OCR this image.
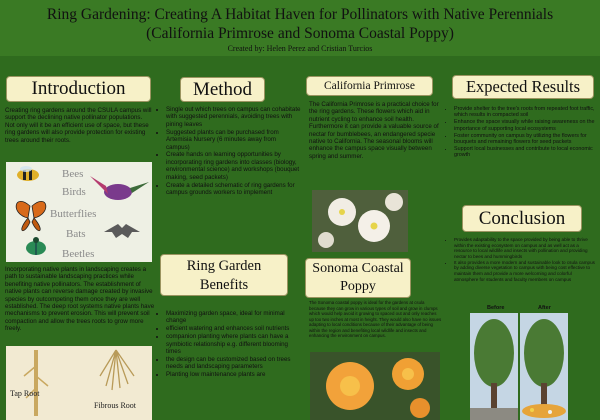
Ring Gardening: Creating A Habitat Haven for Pollinators with Native Perennials
(California Primrose and Sonoma Coastal Poppy)
Created by: Helen Perez and Cristian Turcios
Introduction
Creating ring gardens around the CSULA campus will support the declining native pollinator populations. Not only will it be an efficient use of space, but these ring gardens will also provide protection for existing trees around their roots.
Bees
Birds
Butterflies
Bats
Beetles
Incorporating native plants in landscaping creates a path to sustainable landscaping practices while benefiting native pollinators. The establishment of native plants can reverse damage created by invasive species by outcompeting them once they are well established. The deep root systems native plants have mechanisms to prevent erosion. This will prevent soil compaction and allow the trees roots to grow more freely.
Tap Root
Fibrous Root
Method
• Single out which trees on campus can cohabitate with suggested perennials, avoiding trees with pining leaves
• Suggested plants can be purchased from Artemisia Nursery (6 minutes away from campus)
• Create hands on learning opportunities by incorporating ring gardens into classes (biology, environmental science) and workshops (bouquet making, seed packets)
• Create a detailed schematic of ring gardens for campus grounds workers to implement
Ring Garden Benefits
• Maximizing garden space, ideal for minimal change
• efficient watering and enhances soil nutrients
• companion planting where plants can have a symbiotic relationship e.g. different blooming times
• the design can be customized based on trees needs and landscaping parameters
• Planting low maintenance plants are
California Primrose
The California Primrose is a practical choice for the ring gardens. These flowers which aid in nutrient cycling to enhance soil health. Furthermore it can provide a valuable source of nectar for bumblebees, an endangered specie native to California. The seasonal blooms will enhance the campus space visually between spring and summer.
Sonoma Coastal Poppy
The Sonoma coastal poppy is ideal for the gardens at csula because they can grow in various types of soil and grow in clumps which would help avoid it growing to spaced out and only reaches up too two inches at most in height. They would also have no issues adapting to local conditions because of their advantage of being within the region and benefiting local wildlife and insects and enhancing the environment on campus.
Expected Results
• Provide shelter to the tree's roots from repeated foot traffic, which results in compacted soil
• Enhance the space visually while raising awareness on the importance of supporting local ecosystems
• Foster community on campus by utilizing the flowers for bouquets and remaining flowers for seed packets
• Support local businesses and contribute to local economic growth
Conclusion
• Provides adaptability to the space provided by being able to thrive within the existing ecosystem on campus and as well act as a resource to local wildlife and insects with pollination and providing nectar to bees and hummingbirds
• It also provides a more modern and sustainable look to csula campus by adding diverse vegetation to campus with being cost effective to maintain them and provide a more welcoming and colorful atmosphere for students and faculty members on campus
Before	After
